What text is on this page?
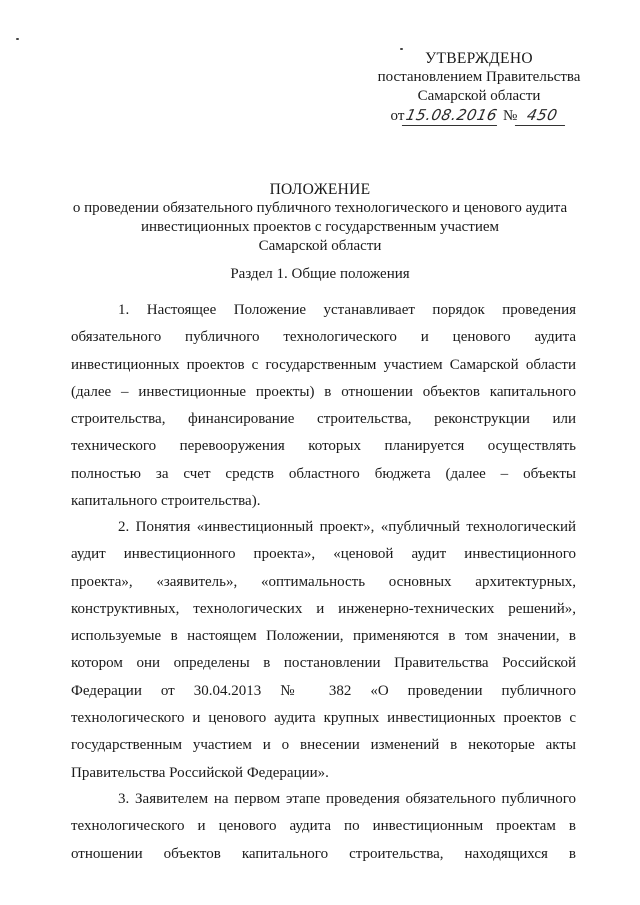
УТВЕРЖДЕНО
постановлением Правительства
Самарской области
от15.08.2016 № 450
ПОЛОЖЕНИЕ
о проведении обязательного публичного технологического и ценового аудита
инвестиционных проектов с государственным участием
Самарской области
Раздел 1. Общие положения
1. Настоящее Положение устанавливает порядок проведения
обязательного публичного технологического и ценового аудита
инвестиционных проектов с государственным участием Самарской области
(далее – инвестиционные проекты) в отношении объектов капитального
строительства, финансирование строительства, реконструкции или
технического перевооружения которых планируется осуществлять
полностью за счет средств областного бюджета (далее – объекты
капитального строительства).
2. Понятия «инвестиционный проект», «публичный технологический
аудит инвестиционного проекта», «ценовой аудит инвестиционного
проекта», «заявитель», «оптимальность основных архитектурных,
конструктивных, технологических и инженерно-технических решений»,
используемые в настоящем Положении, применяются в том значении, в
котором они определены в постановлении Правительства Российской
Федерации от 30.04.2013 № 382 «О проведении публичного
технологического и ценового аудита крупных инвестиционных проектов с
государственным участием и о внесении изменений в некоторые акты
Правительства Российской Федерации».
3. Заявителем на первом этапе проведения обязательного публичного
технологического и ценового аудита по инвестиционным проектам в
отношении объектов капитального строительства, находящихся в
